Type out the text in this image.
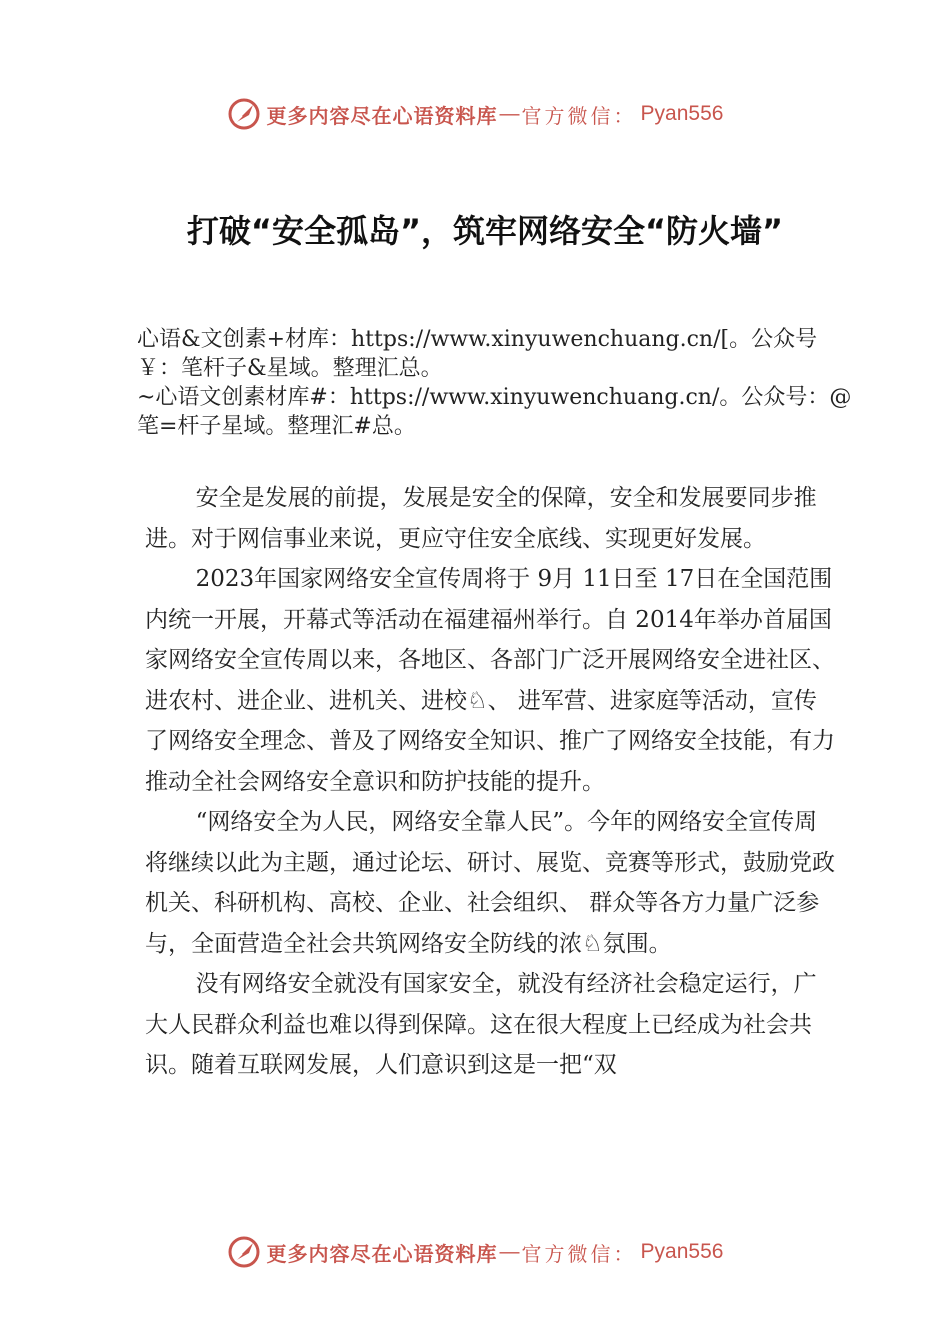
更多内容尽在心语资料库 — 官方微信： Pyan556
打破“安全孤岛”，筑牢网络安全“防火墙”

心语&文创素+材库：https://www.xinyuwenchuang.cn/[。公众号￥：笔杆子&星域。整理汇总。

~心语文创素材库#：https://www.xinyuwenchuang.cn/。公众号：@笔=杆子星域。整理汇#总。

安全是发展的前提，发展是安全的保障，安全和发展要同步推进。对于网信事业来说，更应守住安全底线、实现更好发展。

2023年国家网络安全宣传周将于 9月 11日至 17日在全国范围内统一开展，开幕式等活动在福建福州举行。自 2014年举办首届国家网络安全宣传周以来，各地区、各部门广泛开展网络安全进社区、进农村、进企业、进机关、进校♘、 进军营、进家庭等活动，宣传了网络安全理念、普及了网络安全知识、推广了网络安全技能，有力推动全社会网络安全意识和防护技能的提升。

“网络安全为人民，网络安全靠人民”。今年的网络安全宣传周将继续以此为主题，通过论坛、研讨、展览、竞赛等形式，鼓励党政机关、科研机构、高校、企业、社会组织、 群众等各方力量广泛参与，全面营造全社会共筑网络安全防线的浓♘氛围。

没有网络安全就没有国家安全，就没有经济社会稳定运行，广大人民群众利益也难以得到保障。这在很大程度上已经成为社会共识。随着互联网发展，人们意识到这是一把“双

更多内容尽在心语资料库 — 官方微信： Pyan556
